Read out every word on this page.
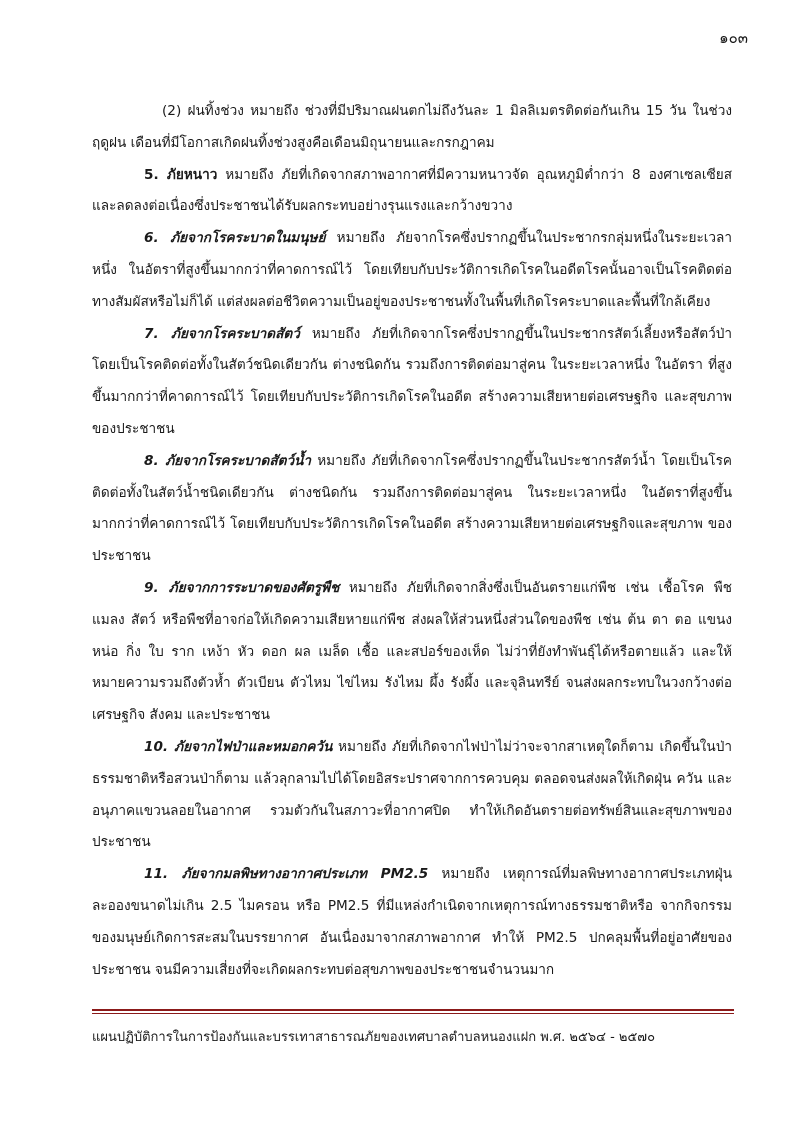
๑๐๓

(2) ฝนทิ้งช่วง หมายถึง ช่วงที่มีปริมาณฝนตกไม่ถึงวันละ 1 มิลลิเมตรติดต่อกันเกิน 15 วัน ในช่วงฤดูฝน เดือนที่มีโอกาสเกิดฝนทิ้งช่วงสูงคือเดือนมิถุนายนและกรกฎาคม

5. ภัยหนาว หมายถึง ภัยที่เกิดจากสภาพอากาศที่มีความหนาวจัด อุณหภูมิต่ำกว่า 8 องศาเซลเซียส และลดลงต่อเนื่องซึ่งประชาชนได้รับผลกระทบอย่างรุนแรงและกว้างขวาง

6. ภัยจากโรคระบาดในมนุษย์ หมายถึง ภัยจากโรคซึ่งปรากฏขึ้นในประชากรกลุ่มหนึ่งในระยะเวลาหนึ่ง ในอัตราที่สูงขึ้นมากกว่าที่คาดการณ์ไว้ โดยเทียบกับประวัติการเกิดโรคในอดีตโรคนั้นอาจเป็นโรคติดต่อทางสัมผัสหรือไม่ก็ได้ แต่ส่งผลต่อชีวิตความเป็นอยู่ของประชาชนทั้งในพื้นที่เกิดโรคระบาดและพื้นที่ใกล้เคียง

7. ภัยจากโรคระบาดสัตว์ หมายถึง ภัยที่เกิดจากโรคซึ่งปรากฏขึ้นในประชากรสัตว์เลี้ยงหรือสัตว์ป่า โดยเป็นโรคติดต่อทั้งในสัตว์ชนิดเดียวกัน ต่างชนิดกัน รวมถึงการติดต่อมาสู่คน ในระยะเวลาหนึ่ง ในอัตรา ที่สูงขึ้นมากกว่าที่คาดการณ์ไว้ โดยเทียบกับประวัติการเกิดโรคในอดีต สร้างความเสียหายต่อเศรษฐกิจ และสุขภาพของประชาชน

8. ภัยจากโรคระบาดสัตว์น้ำ หมายถึง ภัยที่เกิดจากโรคซึ่งปรากฏขึ้นในประชากรสัตว์น้ำ โดยเป็นโรคติดต่อทั้งในสัตว์น้ำชนิดเดียวกัน ต่างชนิดกัน รวมถึงการติดต่อมาสู่คน ในระยะเวลาหนึ่ง ในอัตราที่สูงขึ้นมากกว่าที่คาดการณ์ไว้ โดยเทียบกับประวัติการเกิดโรคในอดีต สร้างความเสียหายต่อเศรษฐกิจและสุขภาพ ของประชาชน

9. ภัยจากการระบาดของศัตรูพืช หมายถึง ภัยที่เกิดจากสิ่งซึ่งเป็นอันตรายแก่พืช เช่น เชื้อโรค พืช แมลง สัตว์ หรือพืชที่อาจก่อให้เกิดความเสียหายแก่พืช ส่งผลให้ส่วนหนึ่งส่วนใดของพืช เช่น ต้น ตา ตอ แขนง หน่อ กิ่ง ใบ ราก เหง้า หัว ดอก ผล เมล็ด เชื้อ และสปอร์ของเห็ด ไม่ว่าที่ยังทำพันธุ์ได้หรือตายแล้ว และให้หมายความรวมถึงตัวห้ำ ตัวเบียน ตัวไหม ไข่ไหม รังไหม ผึ้ง รังผึ้ง และจุลินทรีย์ จนส่งผลกระทบในวงกว้างต่อเศรษฐกิจ สังคม และประชาชน

10. ภัยจากไฟป่าและหมอกควัน หมายถึง ภัยที่เกิดจากไฟป่าไม่ว่าจะจากสาเหตุใดก็ตาม เกิดขึ้นในป่าธรรมชาติหรือสวนป่าก็ตาม แล้วลุกลามไปได้โดยอิสระปราศจากการควบคุม ตลอดจนส่งผลให้เกิดฝุ่น ควัน และอนุภาคแขวนลอยในอากาศ รวมตัวกันในสภาวะที่อากาศปิด ทำให้เกิดอันตรายต่อทรัพย์สินและสุขภาพของประชาชน

11. ภัยจากมลพิษทางอากาศประเภท PM2.5 หมายถึง เหตุการณ์ที่มลพิษทางอากาศประเภทฝุ่นละอองขนาดไม่เกิน 2.5 ไมครอน หรือ PM2.5 ที่มีแหล่งกำเนิดจากเหตุการณ์ทางธรรมชาติหรือ จากกิจกรรมของมนุษย์เกิดการสะสมในบรรยากาศ อันเนื่องมาจากสภาพอากาศ ทำให้ PM2.5 ปกคลุมพื้นที่อยู่อาศัยของประชาชน จนมีความเสี่ยงที่จะเกิดผลกระทบต่อสุขภาพของประชาชนจำนวนมาก

แผนปฏิบัติการในการป้องกันและบรรเทาสาธารณภัยของเทศบาลตำบลหนองแฝก พ.ศ. ๒๕๖๔ - ๒๕๗๐
